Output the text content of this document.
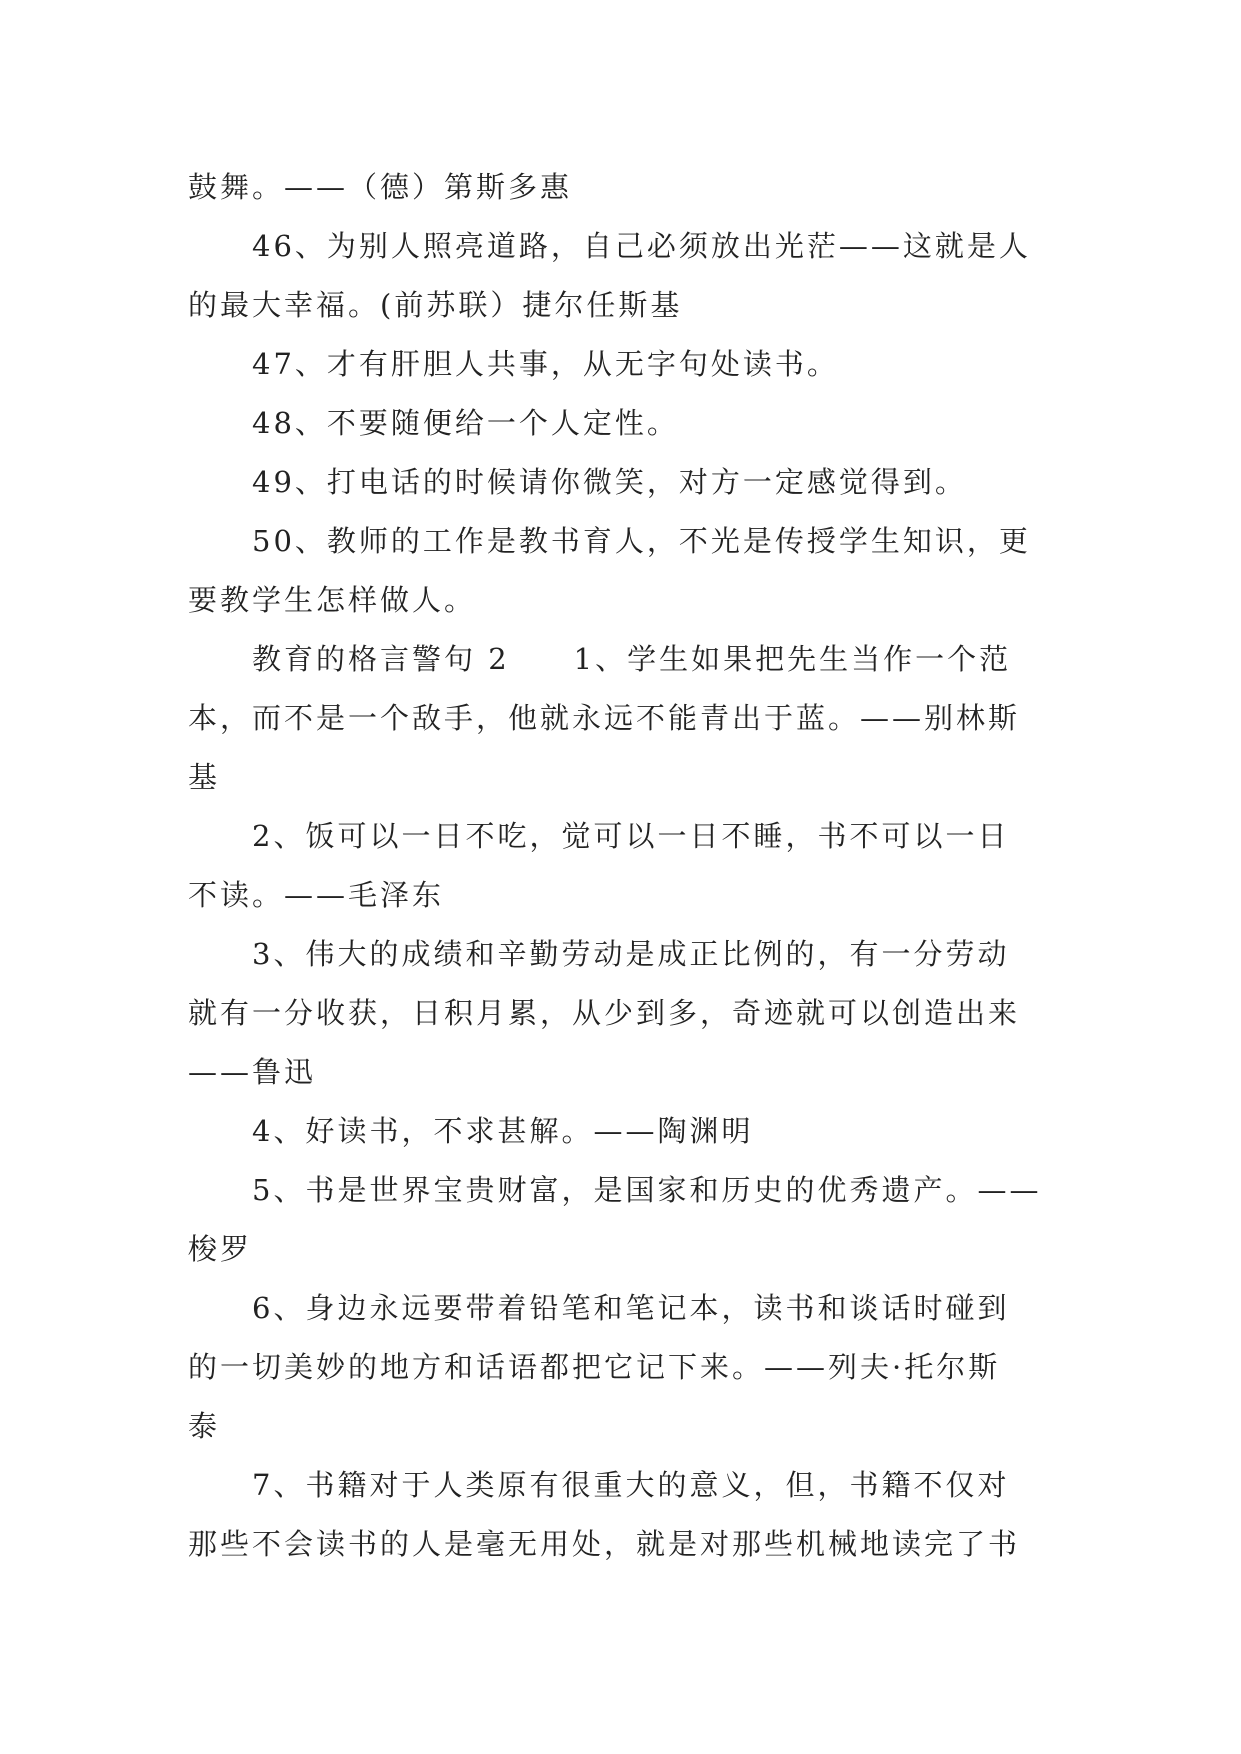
鼓舞。——（德）第斯多惠

46、为别人照亮道路，自己必须放出光茫——这就是人
的最大幸福。(前苏联）捷尔任斯基

47、才有肝胆人共事，从无字句处读书。

48、不要随便给一个人定性。

49、打电话的时候请你微笑，对方一定感觉得到。

50、教师的工作是教书育人，不光是传授学生知识，更
要教学生怎样做人。

教育的格言警句 2　　1、学生如果把先生当作一个范
本，而不是一个敌手，他就永远不能青出于蓝。——别林斯
基

2、饭可以一日不吃，觉可以一日不睡，书不可以一日
不读。——毛泽东

3、伟大的成绩和辛勤劳动是成正比例的，有一分劳动
就有一分收获，日积月累，从少到多，奇迹就可以创造出来
——鲁迅

4、好读书，不求甚解。——陶渊明

5、书是世界宝贵财富，是国家和历史的优秀遗产。——
梭罗

6、身边永远要带着铅笔和笔记本，读书和谈话时碰到
的一切美妙的地方和话语都把它记下来。——列夫·托尔斯
泰

7、书籍对于人类原有很重大的意义，但，书籍不仅对
那些不会读书的人是毫无用处，就是对那些机械地读完了书
